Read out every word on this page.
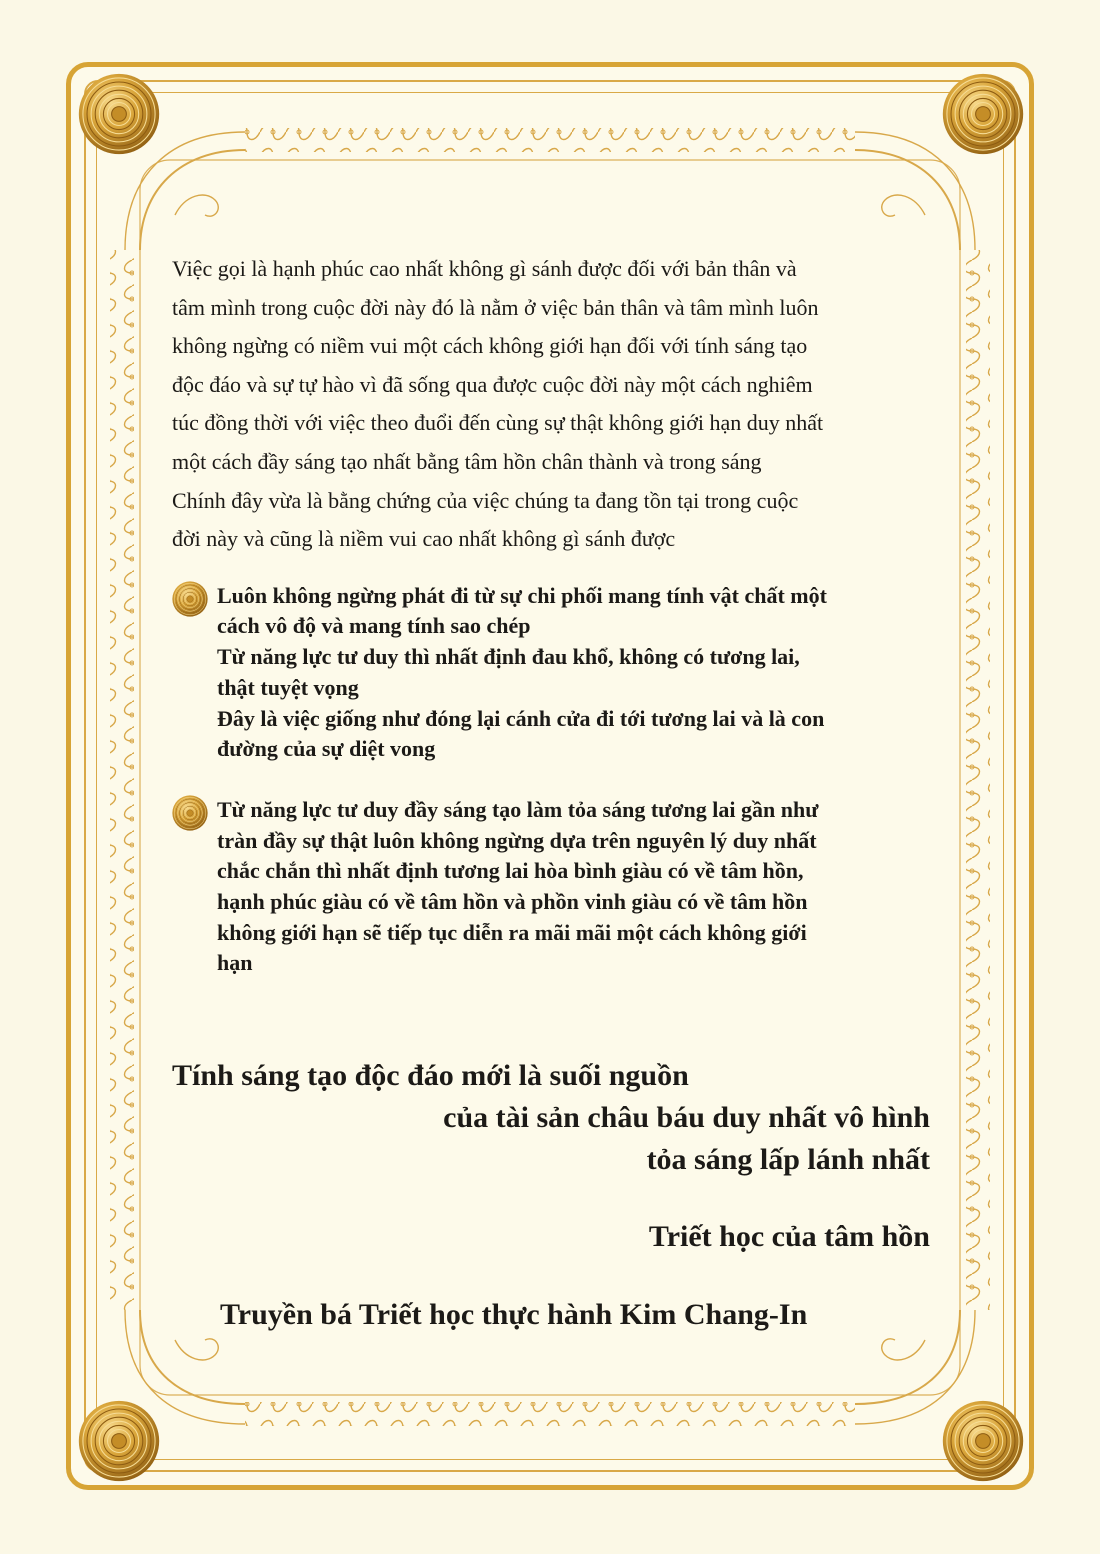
Việc gọi là hạnh phúc cao nhất không gì sánh được đối với bản thân và
tâm mình trong cuộc đời này đó là nằm ở việc bản thân và tâm mình luôn
không ngừng có niềm vui một cách không giới hạn đối với tính sáng tạo
độc đáo và sự tự hào vì đã sống qua được cuộc đời này một cách nghiêm
túc đồng thời với việc theo đuổi đến cùng sự thật không giới hạn duy nhất
một cách đầy sáng tạo nhất bằng tâm hồn chân thành và trong sáng
Chính đây vừa là bằng chứng của việc chúng ta đang tồn tại trong cuộc
đời này và cũng là niềm vui cao nhất không gì sánh được

Luôn không ngừng phát đi từ sự chi phối mang tính vật chất một
cách vô độ và mang tính sao chép
Từ năng lực tư duy thì nhất định đau khổ, không có tương lai,
thật tuyệt vọng
Đây là việc giống như đóng lại cánh cửa đi tới tương lai và là con
đường của sự diệt vong
Từ năng lực tư duy đầy sáng tạo làm tỏa sáng tương lai gần như
tràn đầy sự thật luôn không ngừng dựa trên nguyên lý duy nhất
chắc chắn thì nhất định tương lai hòa bình giàu có về tâm hồn,
hạnh phúc giàu có về tâm hồn và phồn vinh giàu có về tâm hồn
không giới hạn sẽ tiếp tục diễn ra mãi mãi một cách không giới
hạn
Tính sáng tạo độc đáo mới là suối nguồn
của tài sản châu báu duy nhất vô hình
tỏa sáng lấp lánh nhất
Triết học của tâm hồn
Truyền bá Triết học thực hành Kim Chang-In
